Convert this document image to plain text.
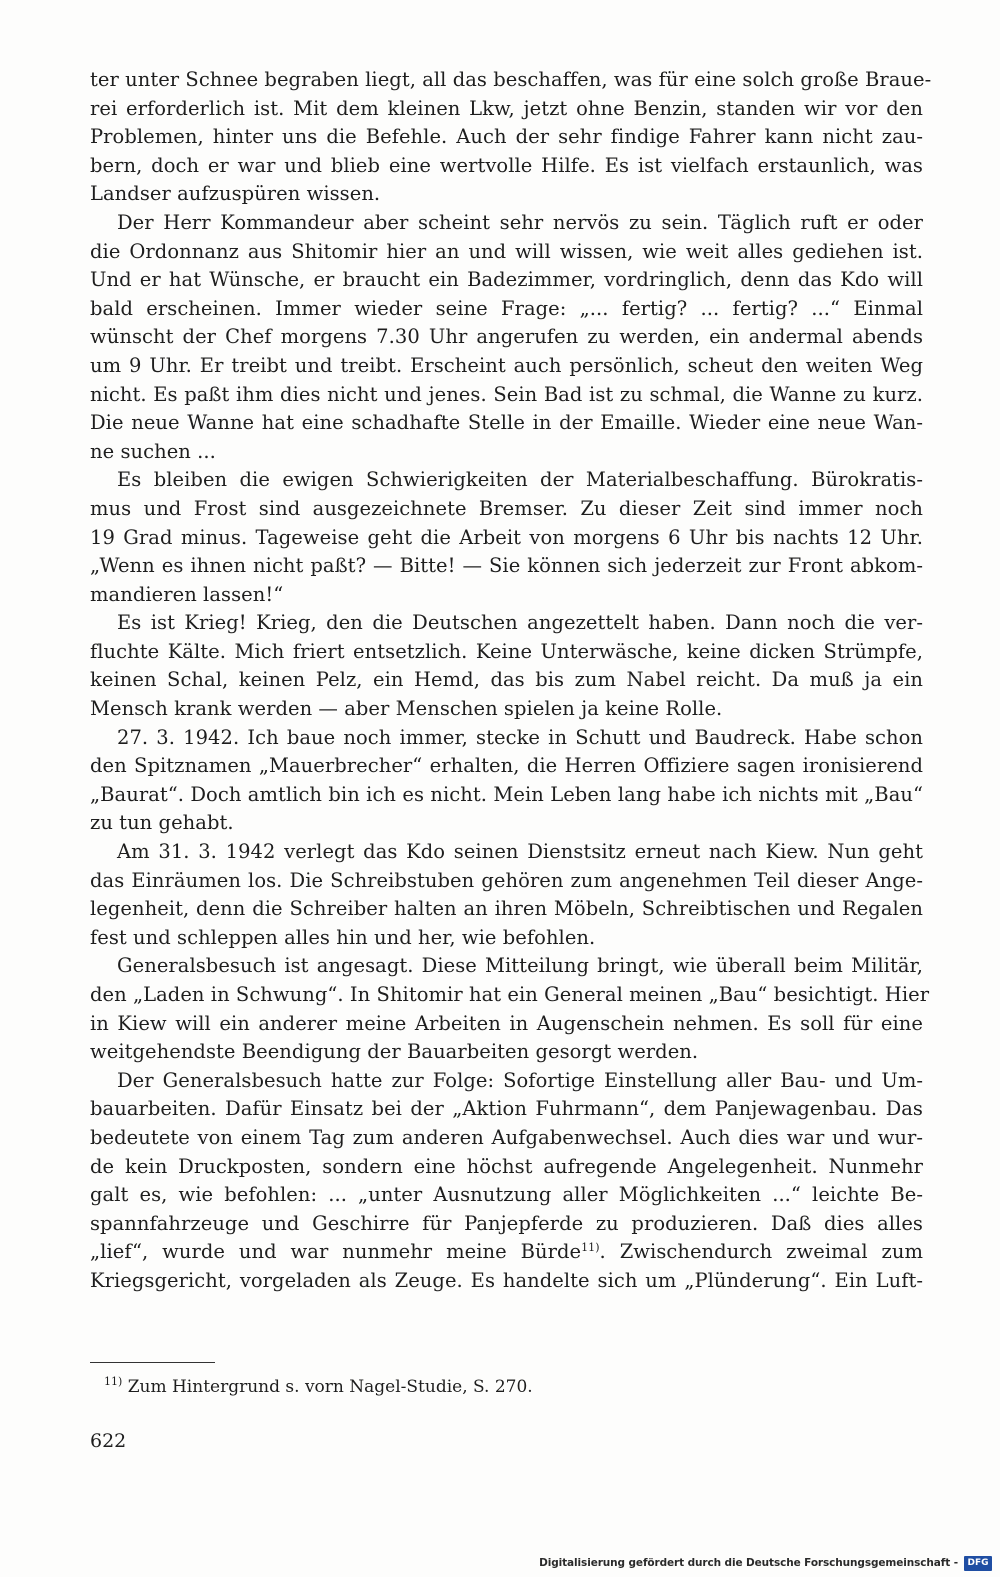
ter unter Schnee begraben liegt, all das beschaffen, was für eine solch große Braue-
rei erforderlich ist. Mit dem kleinen Lkw, jetzt ohne Benzin, standen wir vor den
Problemen, hinter uns die Befehle. Auch der sehr findige Fahrer kann nicht zau-
bern, doch er war und blieb eine wertvolle Hilfe. Es ist vielfach erstaunlich, was
Landser aufzuspüren wissen.
Der Herr Kommandeur aber scheint sehr nervös zu sein. Täglich ruft er oder
die Ordonnanz aus Shitomir hier an und will wissen, wie weit alles gediehen ist.
Und er hat Wünsche, er braucht ein Badezimmer, vordringlich, denn das Kdo will
bald erscheinen. Immer wieder seine Frage: „... fertig? ... fertig? ...“ Einmal
wünscht der Chef morgens 7.30 Uhr angerufen zu werden, ein andermal abends
um 9 Uhr. Er treibt und treibt. Erscheint auch persönlich, scheut den weiten Weg
nicht. Es paßt ihm dies nicht und jenes. Sein Bad ist zu schmal, die Wanne zu kurz.
Die neue Wanne hat eine schadhafte Stelle in der Emaille. Wieder eine neue Wan-
ne suchen ...
Es bleiben die ewigen Schwierigkeiten der Materialbeschaffung. Bürokratis-
mus und Frost sind ausgezeichnete Bremser. Zu dieser Zeit sind immer noch
19 Grad minus. Tageweise geht die Arbeit von morgens 6 Uhr bis nachts 12 Uhr.
„Wenn es ihnen nicht paßt? — Bitte! — Sie können sich jederzeit zur Front abkom-
mandieren lassen!“
Es ist Krieg! Krieg, den die Deutschen angezettelt haben. Dann noch die ver-
fluchte Kälte. Mich friert entsetzlich. Keine Unterwäsche, keine dicken Strümpfe,
keinen Schal, keinen Pelz, ein Hemd, das bis zum Nabel reicht. Da muß ja ein
Mensch krank werden — aber Menschen spielen ja keine Rolle.
27. 3. 1942. Ich baue noch immer, stecke in Schutt und Baudreck. Habe schon
den Spitznamen „Mauerbrecher“ erhalten, die Herren Offiziere sagen ironisierend
„Baurat“. Doch amtlich bin ich es nicht. Mein Leben lang habe ich nichts mit „Bau“
zu tun gehabt.
Am 31. 3. 1942 verlegt das Kdo seinen Dienstsitz erneut nach Kiew. Nun geht
das Einräumen los. Die Schreibstuben gehören zum angenehmen Teil dieser Ange-
legenheit, denn die Schreiber halten an ihren Möbeln, Schreibtischen und Regalen
fest und schleppen alles hin und her, wie befohlen.
Generalsbesuch ist angesagt. Diese Mitteilung bringt, wie überall beim Militär,
den „Laden in Schwung“. In Shitomir hat ein General meinen „Bau“ besichtigt. Hier
in Kiew will ein anderer meine Arbeiten in Augenschein nehmen. Es soll für eine
weitgehendste Beendigung der Bauarbeiten gesorgt werden.
Der Generalsbesuch hatte zur Folge: Sofortige Einstellung aller Bau- und Um-
bauarbeiten. Dafür Einsatz bei der „Aktion Fuhrmann“, dem Panjewagenbau. Das
bedeutete von einem Tag zum anderen Aufgabenwechsel. Auch dies war und wur-
de kein Druckposten, sondern eine höchst aufregende Angelegenheit. Nunmehr
galt es, wie befohlen: ... „unter Ausnutzung aller Möglichkeiten ...“ leichte Be-
spannfahrzeuge und Geschirre für Panjepferde zu produzieren. Daß dies alles
„lief“, wurde und war nunmehr meine Bürde$^{11)}$. Zwischendurch zweimal zum
Kriegsgericht, vorgeladen als Zeuge. Es handelte sich um „Plünderung“. Ein Luft-
$^{11)}$ Zum Hintergrund s. vorn Nagel-Studie, S. 270.
622
Digitalisierung gefördert durch die Deutsche Forschungsgemeinschaft -	DFG
